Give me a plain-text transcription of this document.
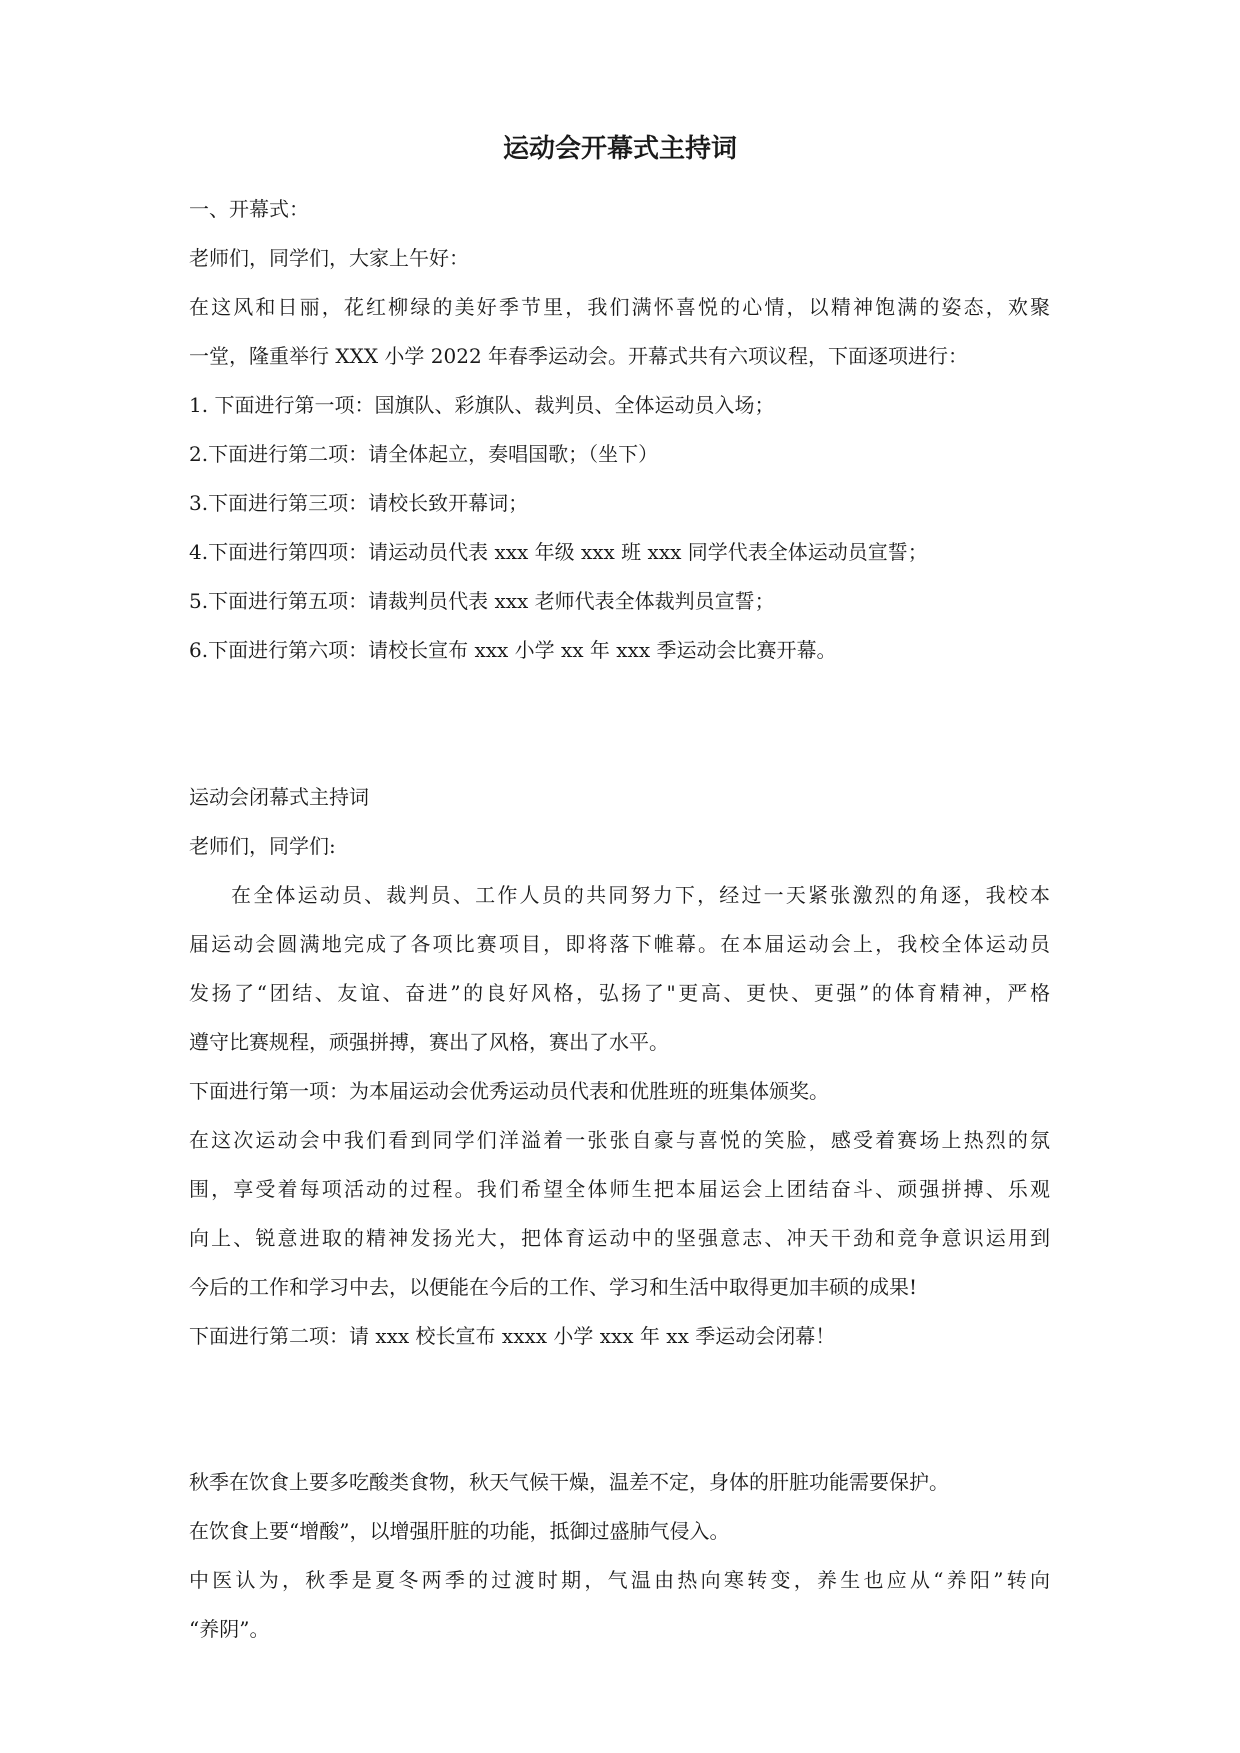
运动会开幕式主持词
一、开幕式：
老师们，同学们，大家上午好：
在这风和日丽，花红柳绿的美好季节里，我们满怀喜悦的心情，以精神饱满的姿态，欢聚
一堂，隆重举行 XXX 小学 2022 年春季运动会。开幕式共有六项议程，下面逐项进行：
1. 下面进行第一项：国旗队、彩旗队、裁判员、全体运动员入场；
2.下面进行第二项：请全体起立，奏唱国歌；（坐下）
3.下面进行第三项：请校长致开幕词；
4.下面进行第四项：请运动员代表 xxx 年级 xxx 班 xxx 同学代表全体运动员宣誓；
5.下面进行第五项：请裁判员代表 xxx 老师代表全体裁判员宣誓；
6.下面进行第六项：请校长宣布 xxx 小学 xx 年 xxx 季运动会比赛开幕。
运动会闭幕式主持词
老师们，同学们:
在全体运动员、裁判员、工作人员的共同努力下，经过一天紧张激烈的角逐，我校本
届运动会圆满地完成了各项比赛项目，即将落下帷幕。在本届运动会上，我校全体运动员
发扬了“团结、友谊、奋进”的良好风格，弘扬了"更高、更快、更强”的体育精神，严格
遵守比赛规程，顽强拼搏，赛出了风格，赛出了水平。
下面进行第一项：为本届运动会优秀运动员代表和优胜班的班集体颁奖。
在这次运动会中我们看到同学们洋溢着一张张自豪与喜悦的笑脸，感受着赛场上热烈的氛
围，享受着每项活动的过程。我们希望全体师生把本届运会上团结奋斗、顽强拼搏、乐观
向上、锐意进取的精神发扬光大，把体育运动中的坚强意志、冲天干劲和竞争意识运用到
今后的工作和学习中去，以便能在今后的工作、学习和生活中取得更加丰硕的成果!
下面进行第二项：请 xxx 校长宣布 xxxx 小学 xxx 年 xx 季运动会闭幕！
秋季在饮食上要多吃酸类食物，秋天气候干燥，温差不定，身体的肝脏功能需要保护。
在饮食上要“增酸”，以增强肝脏的功能，抵御过盛肺气侵入。
中医认为，秋季是夏冬两季的过渡时期，气温由热向寒转变，养生也应从“养阳”转向
“养阴”。
